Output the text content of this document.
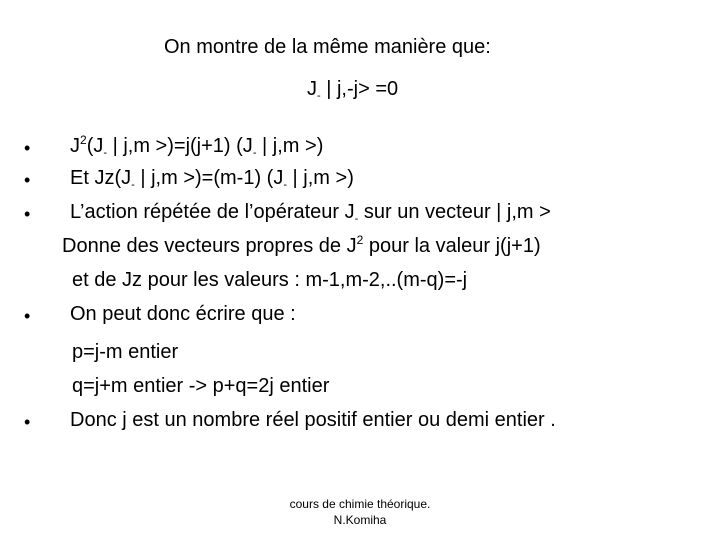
On montre de la même manière que:
$J_-$ | j,-j> =0
• $J^2(J_-$ | j,m >)=j(j+1) ($J_-$ | j,m >)
• Et $Jz(J_-$ | j,m >)=(m-1) ($J_-$ | j,m >)
• L’action répétée de l’opérateur $J_-$ sur un vecteur | j,m >
Donne des vecteurs propres de $J^2$ pour la valeur j(j+1)
et de Jz pour les valeurs : m-1,m-2,..(m-q)=-j
• On peut donc écrire que :
p=j-m entier
q=j+m entier -> p+q=2j entier
• Donc j est un nombre réel positif entier ou demi entier .
cours de chimie théorique.
N.Komiha
